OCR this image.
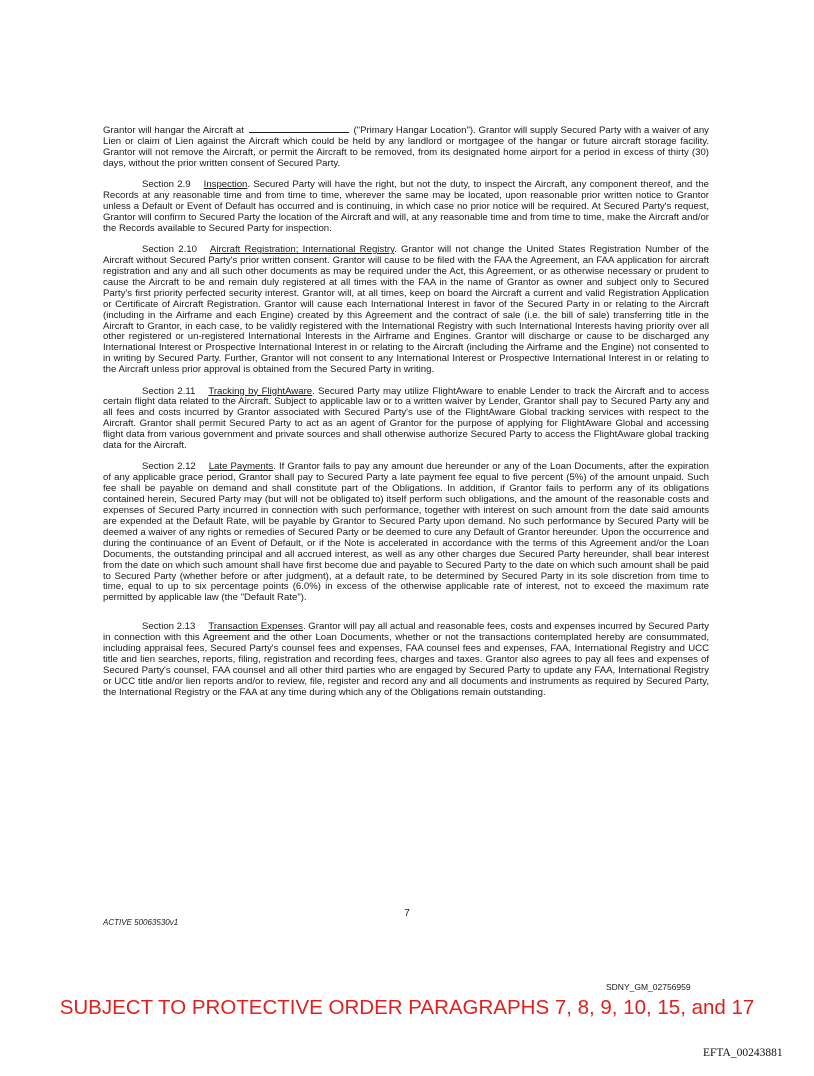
Grantor will hangar the Aircraft at	("Primary Hangar Location"). Grantor will supply Secured Party with a waiver of any Lien or claim of Lien against the Aircraft which could be held by any landlord or mortgagee of the hangar or future aircraft storage facility. Grantor will not remove the Aircraft, or permit the Aircraft to be removed, from its designated home airport for a period in excess of thirty (30) days, without the prior written consent of Secured Party.

Section 2.9 Inspection. Secured Party will have the right, but not the duty, to inspect the Aircraft, any component thereof, and the Records at any reasonable time and from time to time, wherever the same may be located, upon reasonable prior written notice to Grantor unless a Default or Event of Default has occurred and is continuing, in which case no prior notice will be required. At Secured Party's request, Grantor will confirm to Secured Party the location of the Aircraft and will, at any reasonable time and from time to time, make the Aircraft and/or the Records available to Secured Party for inspection.

Section 2.10 Aircraft Registration; International Registry. Grantor will not change the United States Registration Number of the Aircraft without Secured Party's prior written consent. Grantor will cause to be filed with the FAA the Agreement, an FAA application for aircraft registration and any and all such other documents as may be required under the Act, this Agreement, or as otherwise necessary or prudent to cause the Aircraft to be and remain duly registered at all times with the FAA in the name of Grantor as owner and subject only to Secured Party's first priority perfected security interest. Grantor will, at all times, keep on board the Aircraft a current and valid Registration Application or Certificate of Aircraft Registration. Grantor will cause each International Interest in favor of the Secured Party in or relating to the Aircraft (including in the Airframe and each Engine) created by this Agreement and the contract of sale (i.e. the bill of sale) transferring title in the Aircraft to Grantor, in each case, to be validly registered with the International Registry with such International Interests having priority over all other registered or un-registered International Interests in the Airframe and Engines. Grantor will discharge or cause to be discharged any International Interest or Prospective International Interest in or relating to the Aircraft (including the Airframe and the Engine) not consented to in writing by Secured Party. Further, Grantor will not consent to any International Interest or Prospective International Interest in or relating to the Aircraft unless prior approval is obtained from the Secured Party in writing.

Section 2.11 Tracking by FlightAware. Secured Party may utilize FlightAware to enable Lender to track the Aircraft and to access certain flight data related to the Aircraft. Subject to applicable law or to a written waiver by Lender, Grantor shall pay to Secured Party any and all fees and costs incurred by Grantor associated with Secured Party's use of the FlightAware Global tracking services with respect to the Aircraft. Grantor shall permit Secured Party to act as an agent of Grantor for the purpose of applying for FlightAware Global and accessing flight data from various government and private sources and shall otherwise authorize Secured Party to access the FlightAware global tracking data for the Aircraft.

Section 2.12 Late Payments. If Grantor fails to pay any amount due hereunder or any of the Loan Documents, after the expiration of any applicable grace period, Grantor shall pay to Secured Party a late payment fee equal to five percent (5%) of the amount unpaid. Such fee shall be payable on demand and shall constitute part of the Obligations. In addition, if Grantor fails to perform any of its obligations contained herein, Secured Party may (but will not be obligated to) itself perform such obligations, and the amount of the reasonable costs and expenses of Secured Party incurred in connection with such performance, together with interest on such amount from the date said amounts are expended at the Default Rate, will be payable by Grantor to Secured Party upon demand. No such performance by Secured Party will be deemed a waiver of any rights or remedies of Secured Party or be deemed to cure any Default of Grantor hereunder. Upon the occurrence and during the continuance of an Event of Default, or if the Note is accelerated in accordance with the terms of this Agreement and/or the Loan Documents, the outstanding principal and all accrued interest, as well as any other charges due Secured Party hereunder, shall bear interest from the date on which such amount shall have first become due and payable to Secured Party to the date on which such amount shall be paid to Secured Party (whether before or after judgment), at a default rate, to be determined by Secured Party in its sole discretion from time to time, equal to up to six percentage points (6.0%) in excess of the otherwise applicable rate of interest, not to exceed the maximum rate permitted by applicable law (the "Default Rate").

Section 2.13 Transaction Expenses. Grantor will pay all actual and reasonable fees, costs and expenses incurred by Secured Party in connection with this Agreement and the other Loan Documents, whether or not the transactions contemplated hereby are consummated, including appraisal fees, Secured Party's counsel fees and expenses, FAA counsel fees and expenses, FAA, International Registry and UCC title and lien searches, reports, filing, registration and recording fees, charges and taxes. Grantor also agrees to pay all fees and expenses of Secured Party's counsel, FAA counsel and all other third parties who are engaged by Secured Party to update any FAA, International Registry or UCC title and/or lien reports and/or to review, file, register and record any and all documents and instruments as required by Secured Party, the International Registry or the FAA at any time during which any of the Obligations remain outstanding.

7
ACTIVE 50063530v1
SDNY_GM_02756959
SUBJECT TO PROTECTIVE ORDER PARAGRAPHS 7, 8, 9, 10, 15, and 17
EFTA_00243881
